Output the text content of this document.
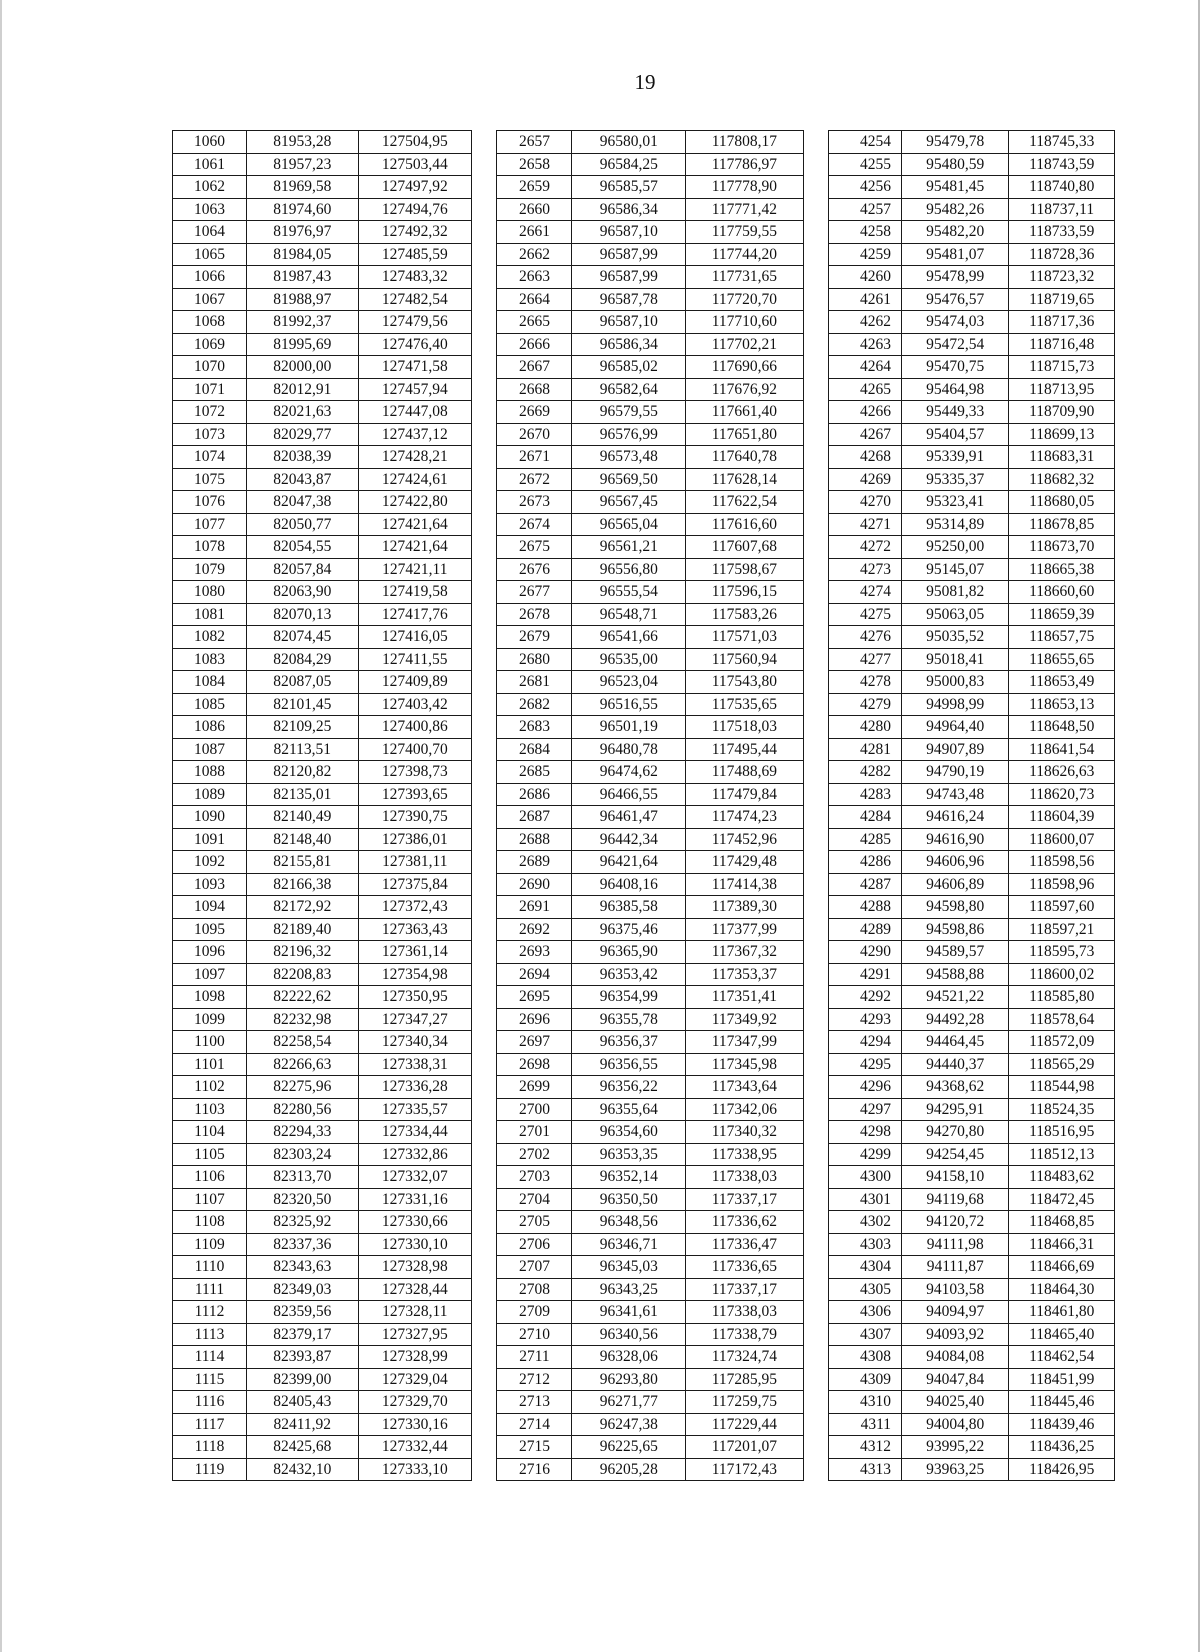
19
1060	81953,28	127504,95		2657	96580,01	117808,17		4254	95479,78	118745,33
1061	81957,23	127503,44		2658	96584,25	117786,97		4255	95480,59	118743,59
1062	81969,58	127497,92		2659	96585,57	117778,90		4256	95481,45	118740,80
1063	81974,60	127494,76		2660	96586,34	117771,42		4257	95482,26	118737,11
1064	81976,97	127492,32		2661	96587,10	117759,55		4258	95482,20	118733,59
1065	81984,05	127485,59		2662	96587,99	117744,20		4259	95481,07	118728,36
1066	81987,43	127483,32		2663	96587,99	117731,65		4260	95478,99	118723,32
1067	81988,97	127482,54		2664	96587,78	117720,70		4261	95476,57	118719,65
1068	81992,37	127479,56		2665	96587,10	117710,60		4262	95474,03	118717,36
1069	81995,69	127476,40		2666	96586,34	117702,21		4263	95472,54	118716,48
1070	82000,00	127471,58		2667	96585,02	117690,66		4264	95470,75	118715,73
1071	82012,91	127457,94		2668	96582,64	117676,92		4265	95464,98	118713,95
1072	82021,63	127447,08		2669	96579,55	117661,40		4266	95449,33	118709,90
1073	82029,77	127437,12		2670	96576,99	117651,80		4267	95404,57	118699,13
1074	82038,39	127428,21		2671	96573,48	117640,78		4268	95339,91	118683,31
1075	82043,87	127424,61		2672	96569,50	117628,14		4269	95335,37	118682,32
1076	82047,38	127422,80		2673	96567,45	117622,54		4270	95323,41	118680,05
1077	82050,77	127421,64		2674	96565,04	117616,60		4271	95314,89	118678,85
1078	82054,55	127421,64		2675	96561,21	117607,68		4272	95250,00	118673,70
1079	82057,84	127421,11		2676	96556,80	117598,67		4273	95145,07	118665,38
1080	82063,90	127419,58		2677	96555,54	117596,15		4274	95081,82	118660,60
1081	82070,13	127417,76		2678	96548,71	117583,26		4275	95063,05	118659,39
1082	82074,45	127416,05		2679	96541,66	117571,03		4276	95035,52	118657,75
1083	82084,29	127411,55		2680	96535,00	117560,94		4277	95018,41	118655,65
1084	82087,05	127409,89		2681	96523,04	117543,80		4278	95000,83	118653,49
1085	82101,45	127403,42		2682	96516,55	117535,65		4279	94998,99	118653,13
1086	82109,25	127400,86		2683	96501,19	117518,03		4280	94964,40	118648,50
1087	82113,51	127400,70		2684	96480,78	117495,44		4281	94907,89	118641,54
1088	82120,82	127398,73		2685	96474,62	117488,69		4282	94790,19	118626,63
1089	82135,01	127393,65		2686	96466,55	117479,84		4283	94743,48	118620,73
1090	82140,49	127390,75		2687	96461,47	117474,23		4284	94616,24	118604,39
1091	82148,40	127386,01		2688	96442,34	117452,96		4285	94616,90	118600,07
1092	82155,81	127381,11		2689	96421,64	117429,48		4286	94606,96	118598,56
1093	82166,38	127375,84		2690	96408,16	117414,38		4287	94606,89	118598,96
1094	82172,92	127372,43		2691	96385,58	117389,30		4288	94598,80	118597,60
1095	82189,40	127363,43		2692	96375,46	117377,99		4289	94598,86	118597,21
1096	82196,32	127361,14		2693	96365,90	117367,32		4290	94589,57	118595,73
1097	82208,83	127354,98		2694	96353,42	117353,37		4291	94588,88	118600,02
1098	82222,62	127350,95		2695	96354,99	117351,41		4292	94521,22	118585,80
1099	82232,98	127347,27		2696	96355,78	117349,92		4293	94492,28	118578,64
1100	82258,54	127340,34		2697	96356,37	117347,99		4294	94464,45	118572,09
1101	82266,63	127338,31		2698	96356,55	117345,98		4295	94440,37	118565,29
1102	82275,96	127336,28		2699	96356,22	117343,64		4296	94368,62	118544,98
1103	82280,56	127335,57		2700	96355,64	117342,06		4297	94295,91	118524,35
1104	82294,33	127334,44		2701	96354,60	117340,32		4298	94270,80	118516,95
1105	82303,24	127332,86		2702	96353,35	117338,95		4299	94254,45	118512,13
1106	82313,70	127332,07		2703	96352,14	117338,03		4300	94158,10	118483,62
1107	82320,50	127331,16		2704	96350,50	117337,17		4301	94119,68	118472,45
1108	82325,92	127330,66		2705	96348,56	117336,62		4302	94120,72	118468,85
1109	82337,36	127330,10		2706	96346,71	117336,47		4303	94111,98	118466,31
1110	82343,63	127328,98		2707	96345,03	117336,65		4304	94111,87	118466,69
1111	82349,03	127328,44		2708	96343,25	117337,17		4305	94103,58	118464,30
1112	82359,56	127328,11		2709	96341,61	117338,03		4306	94094,97	118461,80
1113	82379,17	127327,95		2710	96340,56	117338,79		4307	94093,92	118465,40
1114	82393,87	127328,99		2711	96328,06	117324,74		4308	94084,08	118462,54
1115	82399,00	127329,04		2712	96293,80	117285,95		4309	94047,84	118451,99
1116	82405,43	127329,70		2713	96271,77	117259,75		4310	94025,40	118445,46
1117	82411,92	127330,16		2714	96247,38	117229,44		4311	94004,80	118439,46
1118	82425,68	127332,44		2715	96225,65	117201,07		4312	93995,22	118436,25
1119	82432,10	127333,10		2716	96205,28	117172,43		4313	93963,25	118426,95
